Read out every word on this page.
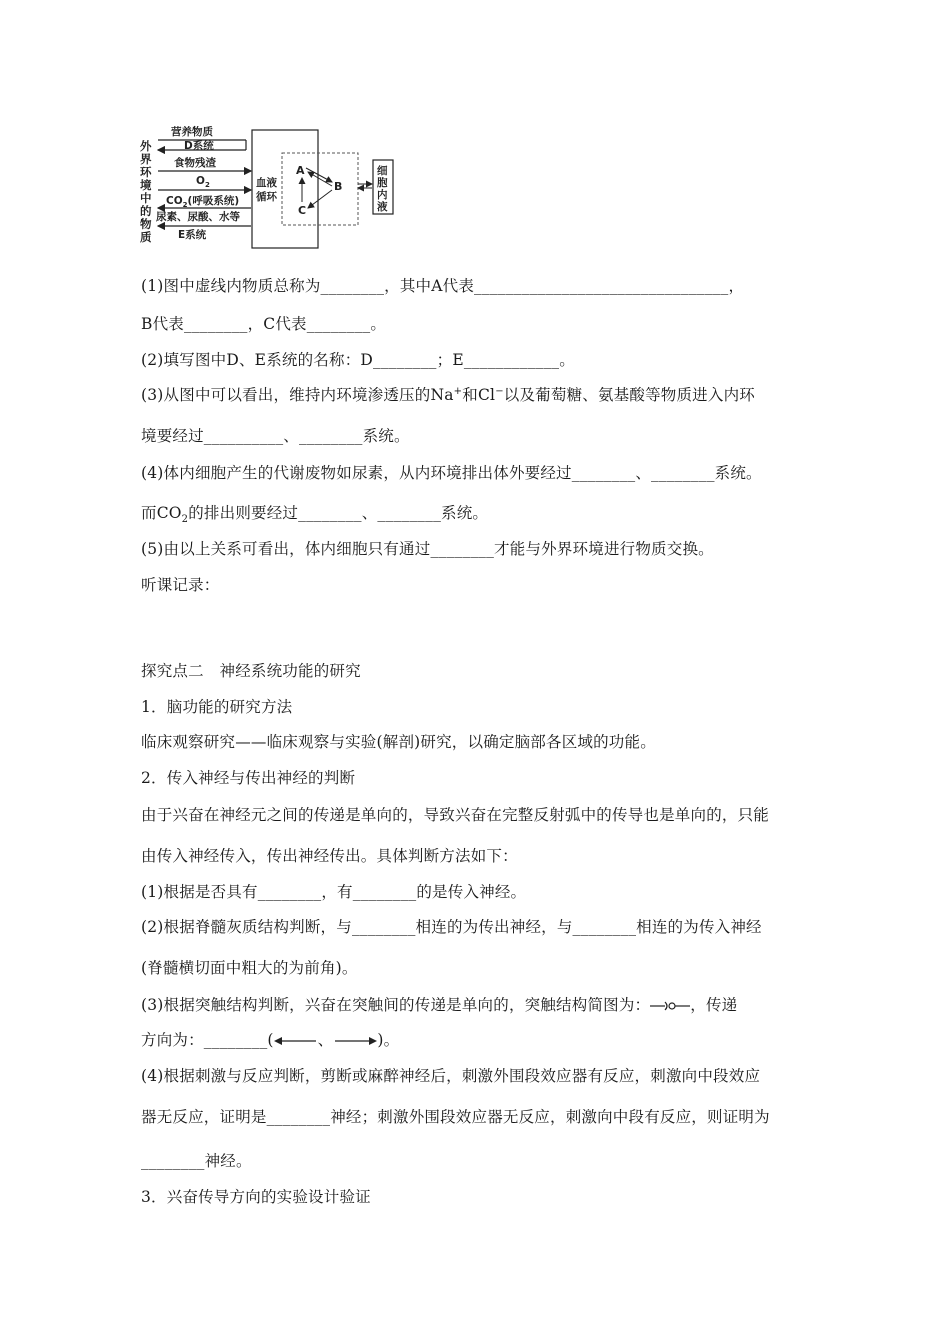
外
界
环
境
中
的
物
质
营养物质
D系统
食物残渣
$O_2$
$CO_2$(呼吸系统)
尿素、尿酸、水等
E系统
血液
循环
A
B
C
细
胞
内
液
(1)图中虚线内物质总称为________，其中A代表________________________________，
B代表________，C代表________。
(2)填写图中D、E系统的名称：D________；E____________。
(3)从图中可以看出，维持内环境渗透压的Na+和Cl−以及葡萄糖、氨基酸等物质进入内环
境要经过__________、________系统。
(4)体内细胞产生的代谢废物如尿素，从内环境排出体外要经过________、________系统。
而$CO_2$的排出则要经过________、________系统。
(5)由以上关系可看出，体内细胞只有通过________才能与外界环境进行物质交换。
听课记录：
探究点二　神经系统功能的研究
1．脑功能的研究方法
临床观察研究——临床观察与实验(解剖)研究，以确定脑部各区域的功能。
2．传入神经与传出神经的判断
由于兴奋在神经元之间的传递是单向的，导致兴奋在完整反射弧中的传导也是单向的，只能
由传入神经传入，传出神经传出。具体判断方法如下：
(1)根据是否具有________，有________的是传入神经。
(2)根据脊髓灰质结构判断，与________相连的为传出神经，与________相连的为传入神经
(脊髓横切面中粗大的为前角)。
(3)根据突触结构判断，兴奋在突触间的传递是单向的，突触结构简图为：	，传递
方向为：________(	、	)。
(4)根据刺激与反应判断，剪断或麻醉神经后，刺激外围段效应器有反应，刺激向中段效应
器无反应，证明是________神经；刺激外围段效应器无反应，刺激向中段有反应，则证明为
________神经。
3．兴奋传导方向的实验设计验证
